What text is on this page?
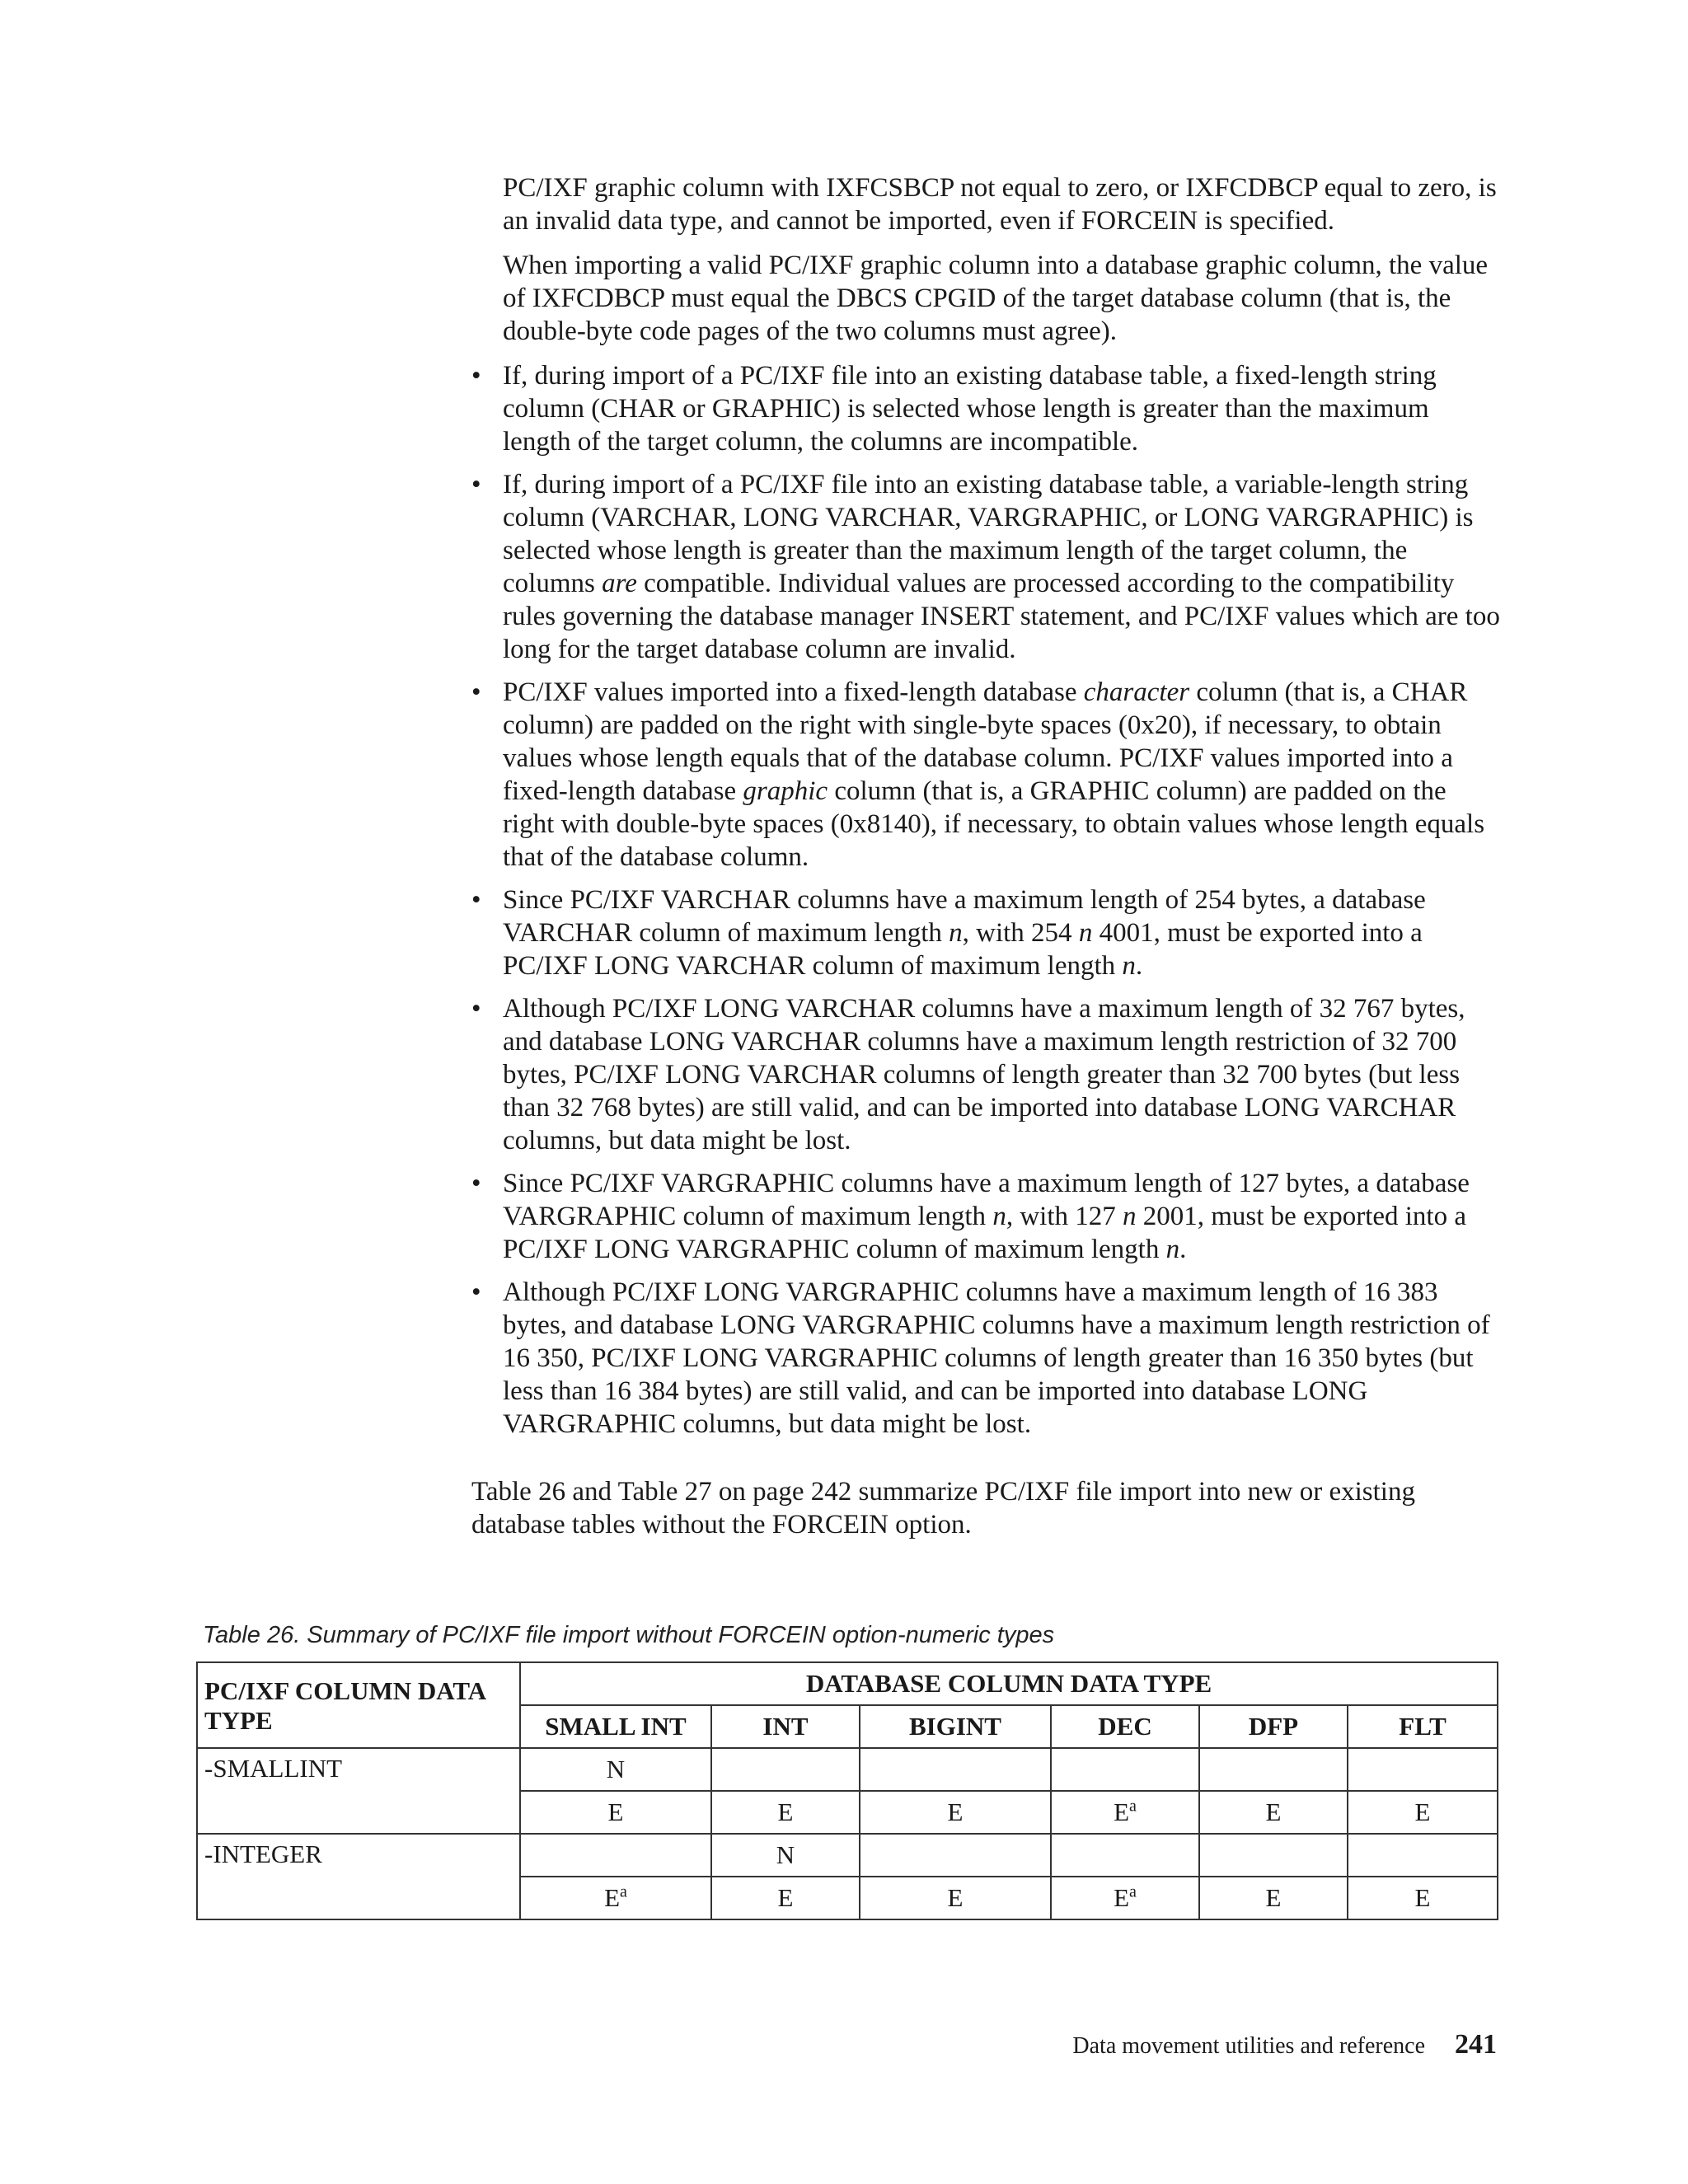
PC/IXF graphic column with IXFCSBCP not equal to zero, or IXFCDBCP equal to zero, is an invalid data type, and cannot be imported, even if FORCEIN is specified.

When importing a valid PC/IXF graphic column into a database graphic column, the value of IXFCDBCP must equal the DBCS CPGID of the target database column (that is, the double-byte code pages of the two columns must agree).

• If, during import of a PC/IXF file into an existing database table, a fixed-length string column (CHAR or GRAPHIC) is selected whose length is greater than the maximum length of the target column, the columns are incompatible.
• If, during import of a PC/IXF file into an existing database table, a variable-length string column (VARCHAR, LONG VARCHAR, VARGRAPHIC, or LONG VARGRAPHIC) is selected whose length is greater than the maximum length of the target column, the columns are compatible. Individual values are processed according to the compatibility rules governing the database manager INSERT statement, and PC/IXF values which are too long for the target database column are invalid.
• PC/IXF values imported into a fixed-length database character column (that is, a CHAR column) are padded on the right with single-byte spaces (0x20), if necessary, to obtain values whose length equals that of the database column. PC/IXF values imported into a fixed-length database graphic column (that is, a GRAPHIC column) are padded on the right with double-byte spaces (0x8140), if necessary, to obtain values whose length equals that of the database column.
• Since PC/IXF VARCHAR columns have a maximum length of 254 bytes, a database VARCHAR column of maximum length n, with 254 n 4001, must be exported into a PC/IXF LONG VARCHAR column of maximum length n.
• Although PC/IXF LONG VARCHAR columns have a maximum length of 32 767 bytes, and database LONG VARCHAR columns have a maximum length restriction of 32 700 bytes, PC/IXF LONG VARCHAR columns of length greater than 32 700 bytes (but less than 32 768 bytes) are still valid, and can be imported into database LONG VARCHAR columns, but data might be lost.
• Since PC/IXF VARGRAPHIC columns have a maximum length of 127 bytes, a database VARGRAPHIC column of maximum length n, with 127 n 2001, must be exported into a PC/IXF LONG VARGRAPHIC column of maximum length n.
• Although PC/IXF LONG VARGRAPHIC columns have a maximum length of 16 383 bytes, and database LONG VARGRAPHIC columns have a maximum length restriction of 16 350, PC/IXF LONG VARGRAPHIC columns of length greater than 16 350 bytes (but less than 16 384 bytes) are still valid, and can be imported into database LONG VARGRAPHIC columns, but data might be lost.

Table 26 and Table 27 on page 242 summarize PC/IXF file import into new or existing database tables without the FORCEIN option.

Table 26. Summary of PC/IXF file import without FORCEIN option-numeric types
PC/IXF COLUMN DATA TYPE	DATABASE COLUMN DATA TYPE					
	SMALL INT	INT	BIGINT	DEC	DFP	FLT
-SMALLINT	N					
	E	E	E	$E^a$	E	E
-INTEGER		N				
	$E^a$	E	E	$E^a$	E	E
Data movement utilities and reference 241
